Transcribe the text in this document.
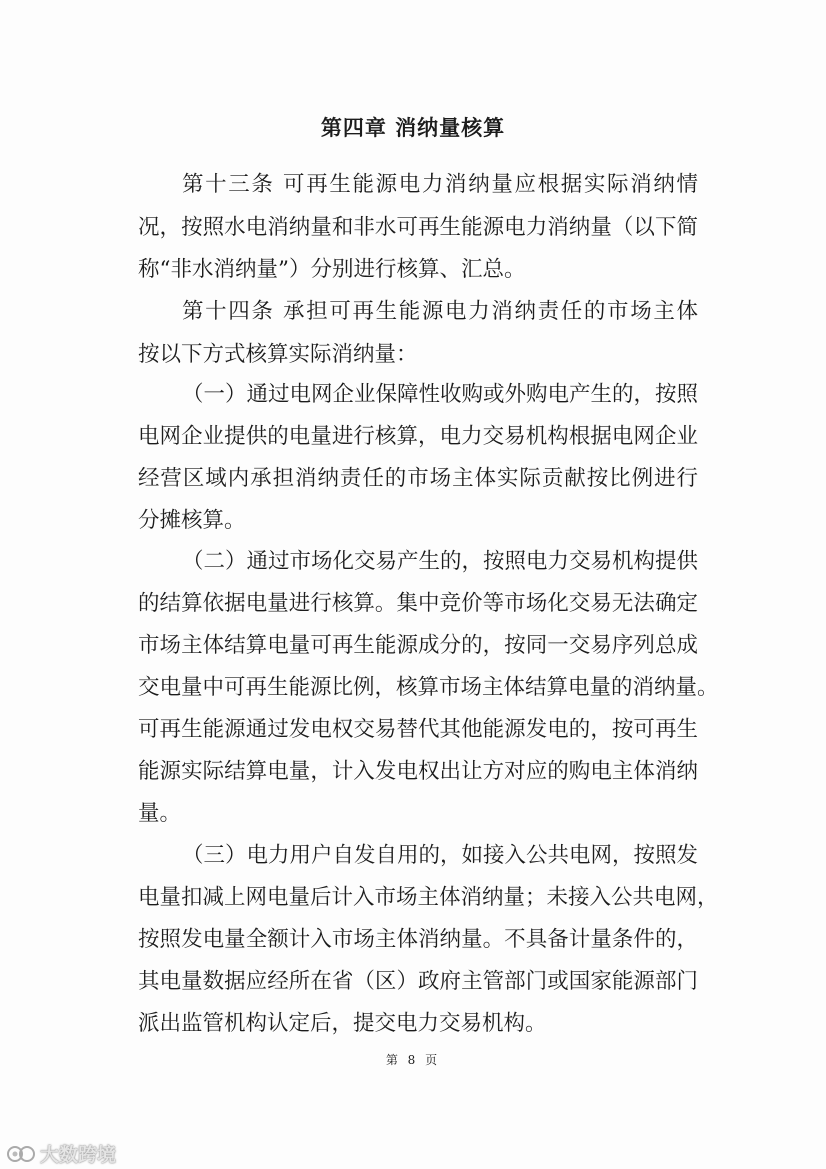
第四章 消纳量核算
第十三条 可再生能源电力消纳量应根据实际消纳情
况，按照水电消纳量和非水可再生能源电力消纳量（以下简
称“非水消纳量”）分别进行核算、汇总。
第十四条 承担可再生能源电力消纳责任的市场主体
按以下方式核算实际消纳量：
（一）通过电网企业保障性收购或外购电产生的，按照
电网企业提供的电量进行核算，电力交易机构根据电网企业
经营区域内承担消纳责任的市场主体实际贡献按比例进行
分摊核算。
（二）通过市场化交易产生的，按照电力交易机构提供
的结算依据电量进行核算。集中竞价等市场化交易无法确定
市场主体结算电量可再生能源成分的，按同一交易序列总成
交电量中可再生能源比例，核算市场主体结算电量的消纳量。
可再生能源通过发电权交易替代其他能源发电的，按可再生
能源实际结算电量，计入发电权出让方对应的购电主体消纳
量。
（三）电力用户自发自用的，如接入公共电网，按照发
电量扣减上网电量后计入市场主体消纳量；未接入公共电网，
按照发电量全额计入市场主体消纳量。不具备计量条件的，
其电量数据应经所在省（区）政府主管部门或国家能源部门
派出监管机构认定后，提交电力交易机构。
第 8 页
大数跨境
